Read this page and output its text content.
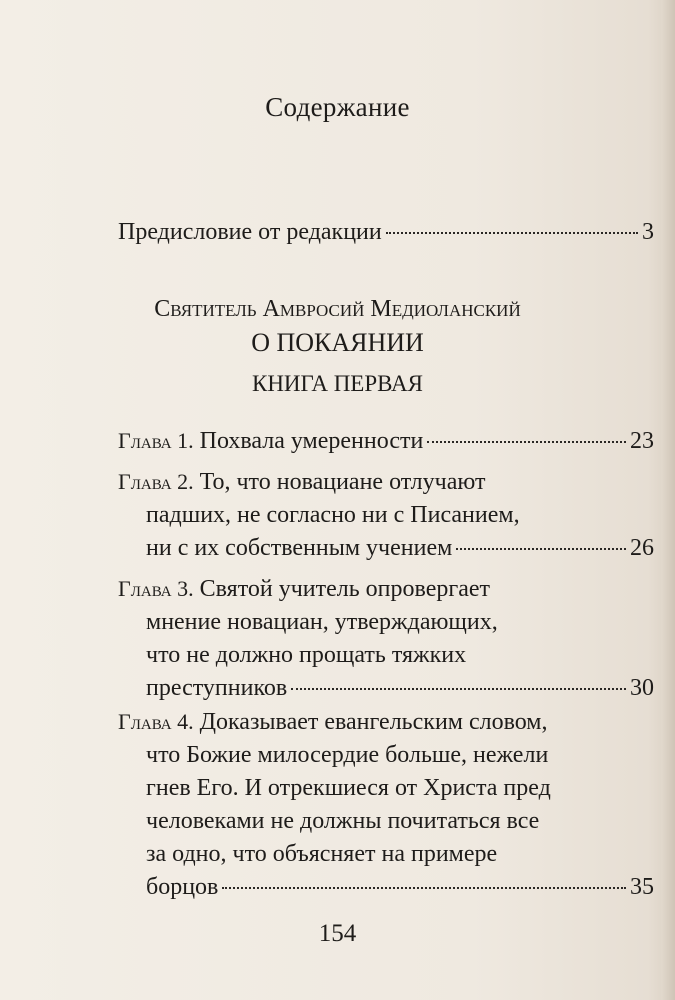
Содержание
Предисловие от редакции	3
Святитель Амвросий Медиоланский
О ПОКАЯНИИ
КНИГА ПЕРВАЯ
Глава 1. Похвала умеренности	23
Глава 2. То, что новациане отлучают
падших, не согласно ни с Писанием,
ни с их собственным учением	26
Глава 3. Святой учитель опровергает
мнение новациан, утверждающих,
что не должно прощать тяжких
преступников	30
Глава 4. Доказывает евангельским словом,
что Божие милосердие больше, нежели
гнев Его. И отрекшиеся от Христа пред
человеками не должны почитаться все
за одно, что объясняет на примере
борцов	35
154
